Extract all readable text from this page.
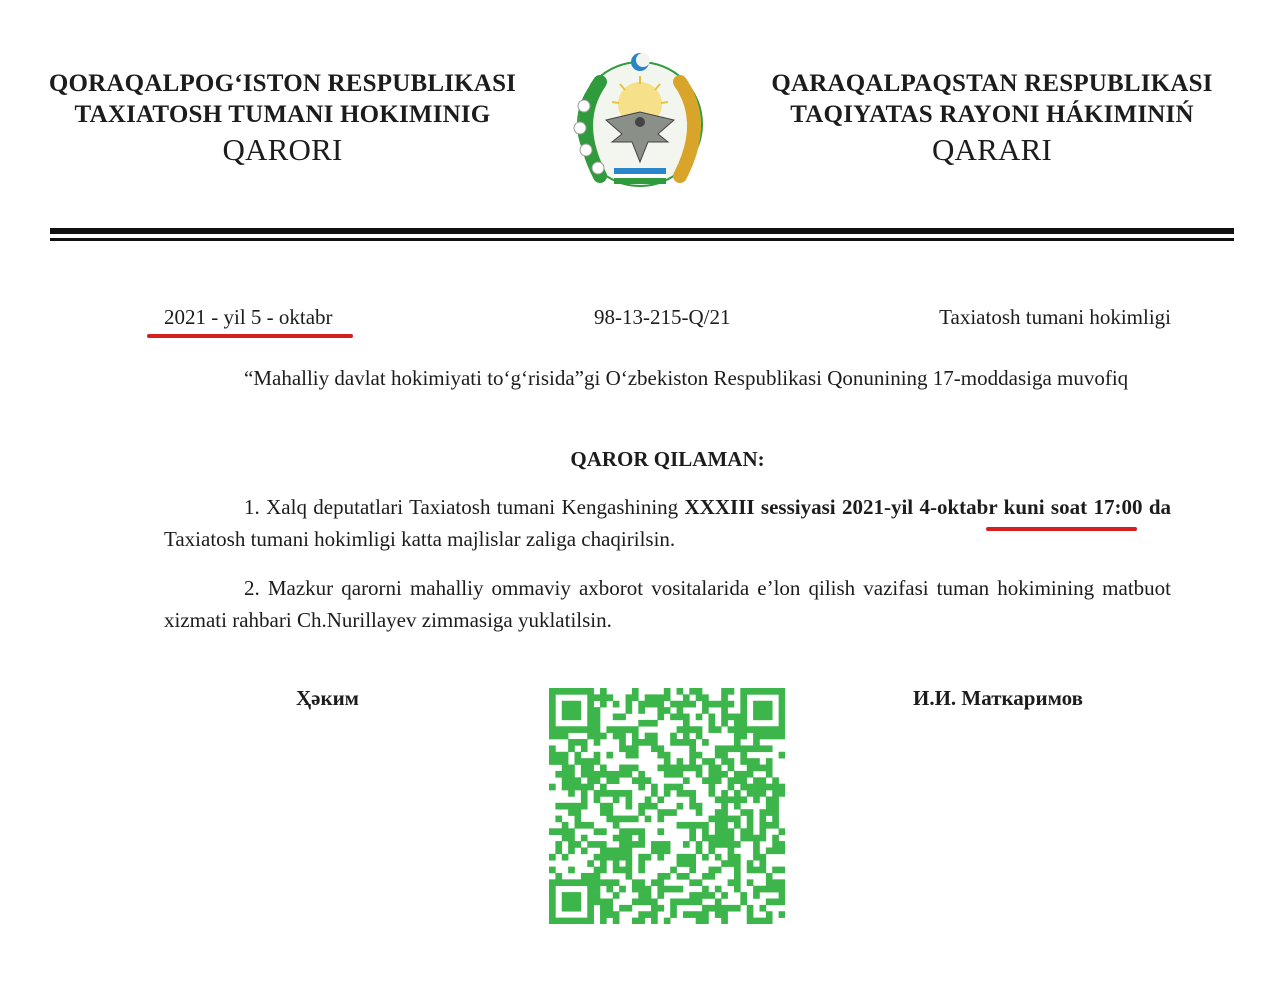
QORAQALPOG‘ISTON RESPUBLIKASI
TAXIATOSH TUMANI HOKIMINIG
QARORI
QARAQALPAQSTAN RESPUBLIKASI
TAQIYATAS RAYONI HÁKIMINIŃ
QARARI
2021 - yil 5 - oktabr	98-13-215-Q/21	Taxiatosh tumani hokimligi

“Mahalliy davlat hokimiyati to‘g‘risida”gi O‘zbekiston Respublikasi Qonunining 17-moddasiga muvofiq

QAROR QILAMAN:

1. Xalq deputatlari Taxiatosh tumani Kengashining XXXIII sessiyasi 2021-yil 4-oktabr kuni soat 17:00 da Taxiatosh tumani hokimligi katta majlislar zaliga chaqirilsin.

2. Mazkur qarorni mahalliy ommaviy axborot vositalarida e’lon qilish vazifasi tuman hokimining matbuot xizmati rahbari Ch.Nurillayev zimmasiga yuklatilsin.

Ҳәким	И.И. Маткаримов
